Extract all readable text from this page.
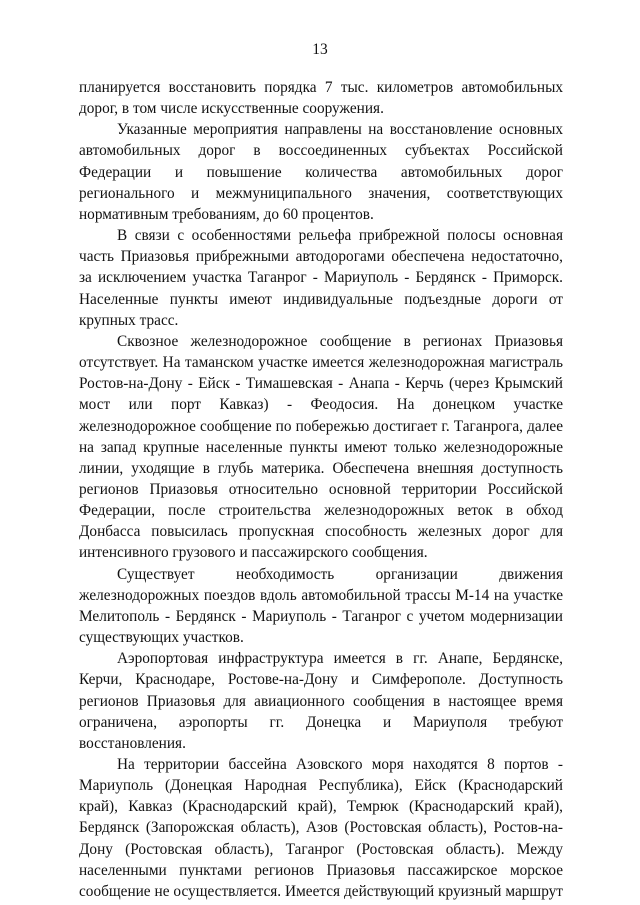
13

планируется восстановить порядка 7 тыс. километров автомобильных дорог, в том числе искусственные сооружения.

Указанные мероприятия направлены на восстановление основных автомобильных дорог в воссоединенных субъектах Российской Федерации и повышение количества автомобильных дорог регионального и межмуниципального значения, соответствующих нормативным требованиям, до 60 процентов.

В связи с особенностями рельефа прибрежной полосы основная часть Приазовья прибрежными автодорогами обеспечена недостаточно, за исключением участка Таганрог - Мариуполь - Бердянск - Приморск. Населенные пункты имеют индивидуальные подъездные дороги от крупных трасс.

Сквозное железнодорожное сообщение в регионах Приазовья отсутствует. На таманском участке имеется железнодорожная магистраль Ростов-на-Дону - Ейск - Тимашевская - Анапа - Керчь (через Крымский мост или порт Кавказ) - Феодосия. На донецком участке железнодорожное сообщение по побережью достигает г. Таганрога, далее на запад крупные населенные пункты имеют только железнодорожные линии, уходящие в глубь материка. Обеспечена внешняя доступность регионов Приазовья относительно основной территории Российской Федерации, после строительства железнодорожных веток в обход Донбасса повысилась пропускная способность железных дорог для интенсивного грузового и пассажирского сообщения.

Существует необходимость организации движения железнодорожных поездов вдоль автомобильной трассы М-14 на участке Мелитополь - Бердянск - Мариуполь - Таганрог с учетом модернизации существующих участков.

Аэропортовая инфраструктура имеется в гг. Анапе, Бердянске, Керчи, Краснодаре, Ростове-на-Дону и Симферополе. Доступность регионов Приазовья для авиационного сообщения в настоящее время ограничена, аэропорты гг. Донецка и Мариуполя требуют восстановления.

На территории бассейна Азовского моря находятся 8 портов - Мариуполь (Донецкая Народная Республика), Ейск (Краснодарский край), Кавказ (Краснодарский край), Темрюк (Краснодарский край), Бердянск (Запорожская область), Азов (Ростовская область), Ростов-на-Дону (Ростовская область), Таганрог (Ростовская область). Между населенными пунктами регионов Приазовья пассажирское морское сообщение не осуществляется. Имеется действующий круизный маршрут
